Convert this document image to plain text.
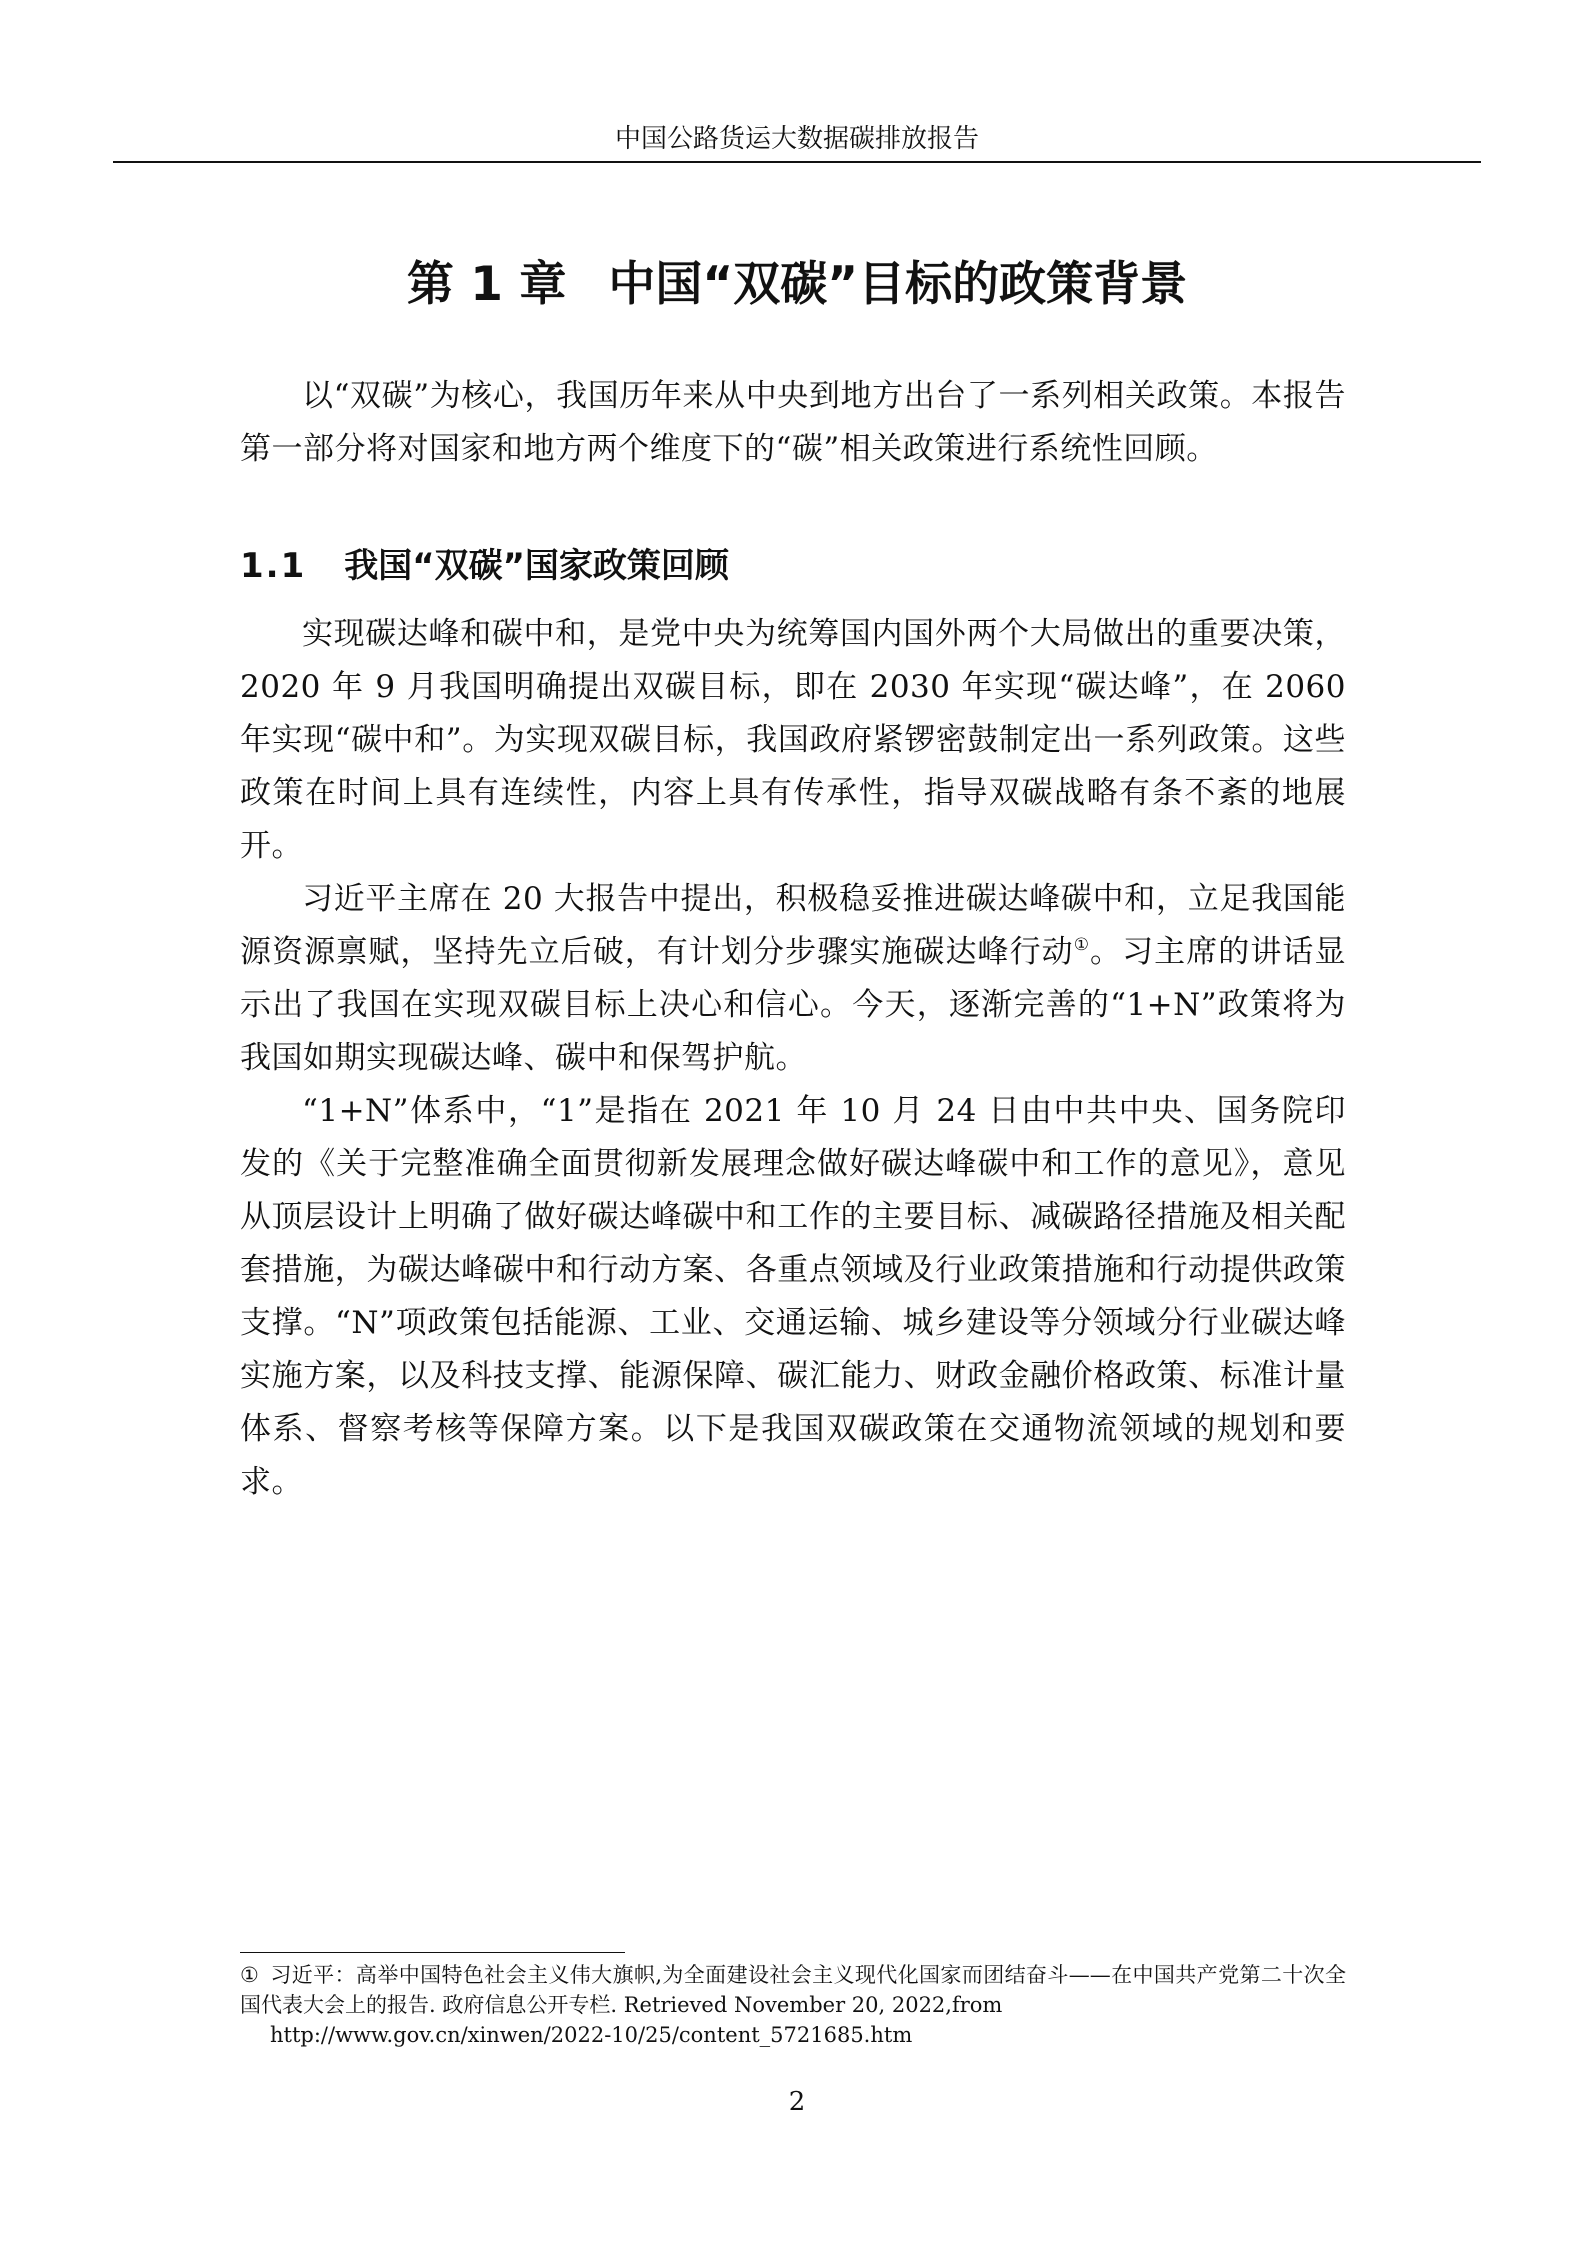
中国公路货运大数据碳排放报告
第 1 章 中国“双碳”目标的政策背景

以“双碳”为核心，我国历年来从中央到地方出台了一系列相关政策。本报告第一部分将对国家和地方两个维度下的“碳”相关政策进行系统性回顾。

1.1 我国“双碳”国家政策回顾

实现碳达峰和碳中和，是党中央为统筹国内国外两个大局做出的重要决策，2020 年 9 月我国明确提出双碳目标，即在 2030 年实现“碳达峰”，在 2060 年实现“碳中和”。为实现双碳目标，我国政府紧锣密鼓制定出一系列政策。这些政策在时间上具有连续性，内容上具有传承性，指导双碳战略有条不紊的地展开。

习近平主席在 20 大报告中提出，积极稳妥推进碳达峰碳中和，立足我国能源资源禀赋，坚持先立后破，有计划分步骤实施碳达峰行动①。习主席的讲话显示出了我国在实现双碳目标上决心和信心。今天，逐渐完善的“1+N”政策将为我国如期实现碳达峰、碳中和保驾护航。

“1+N”体系中，“1”是指在 2021 年 10 月 24 日由中共中央、国务院印发的《关于完整准确全面贯彻新发展理念做好碳达峰碳中和工作的意见》，意见从顶层设计上明确了做好碳达峰碳中和工作的主要目标、减碳路径措施及相关配套措施，为碳达峰碳中和行动方案、各重点领域及行业政策措施和行动提供政策支撑。“N”项政策包括能源、工业、交通运输、城乡建设等分领域分行业碳达峰实施方案，以及科技支撑、能源保障、碳汇能力、财政金融价格政策、标准计量体系、督察考核等保障方案。以下是我国双碳政策在交通物流领域的规划和要求。

① 习近平：高举中国特色社会主义伟大旗帜,为全面建设社会主义现代化国家而团结奋斗——在中国共产党第二十次全国代表大会上的报告. 政府信息公开专栏. Retrieved November 20, 2022,from
http://www.gov.cn/xinwen/2022-10/25/content_5721685.htm
2
